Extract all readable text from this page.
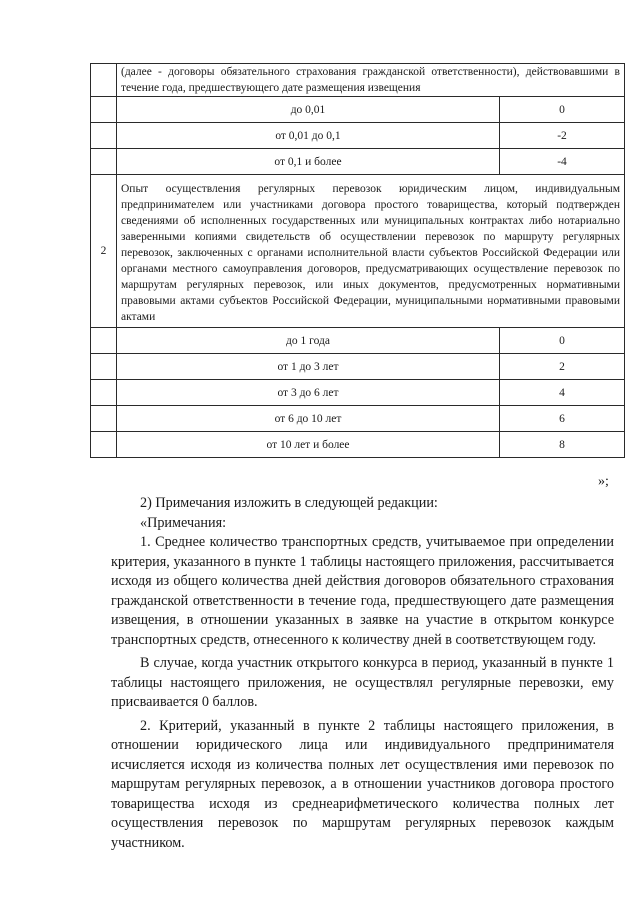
	(далее - договоры обязательного страхования гражданской ответственности), действовавшими в течение года, предшествующего дате размещения извещения	
	до 0,01	0
	от 0,01 до 0,1	-2
	от 0,1 и более	-4
2	Опыт осуществления регулярных перевозок юридическим лицом, индивидуальным предпринимателем или участниками договора простого товарищества, который подтвержден сведениями об исполненных государственных или муниципальных контрактах либо нотариально заверенными копиями свидетельств об осуществлении перевозок по маршруту регулярных перевозок, заключенных с органами исполнительной власти субъектов Российской Федерации или органами местного самоуправления договоров, предусматривающих осуществление перевозок по маршрутам регулярных перевозок, или иных документов, предусмотренных нормативными правовыми актами субъектов Российской Федерации, муниципальными нормативными правовыми актами	
	до 1 года	0
	от 1 до 3 лет	2
	от 3 до 6 лет	4
	от 6 до 10 лет	6
	от 10 лет и более	8
»;

2) Примечания изложить в следующей редакции:

«Примечания:

1. Среднее количество транспортных средств, учитываемое при определении критерия, указанного в пункте 1 таблицы настоящего приложения, рассчитывается исходя из общего количества дней действия договоров обязательного страхования гражданской ответственности в течение года, предшествующего дате размещения извещения, в отношении указанных в заявке на участие в открытом конкурсе транспортных средств, отнесенного к количеству дней в соответствующем году.

В случае, когда участник открытого конкурса в период, указанный в пункте 1 таблицы настоящего приложения, не осуществлял регулярные перевозки, ему присваивается 0 баллов.

2. Критерий, указанный в пункте 2 таблицы настоящего приложения, в отношении юридического лица или индивидуального предпринимателя исчисляется исходя из количества полных лет осуществления ими перевозок по маршрутам регулярных перевозок, а в отношении участников договора простого товарищества исходя из среднеарифметического количества полных лет осуществления перевозок по маршрутам регулярных перевозок каждым участником.
